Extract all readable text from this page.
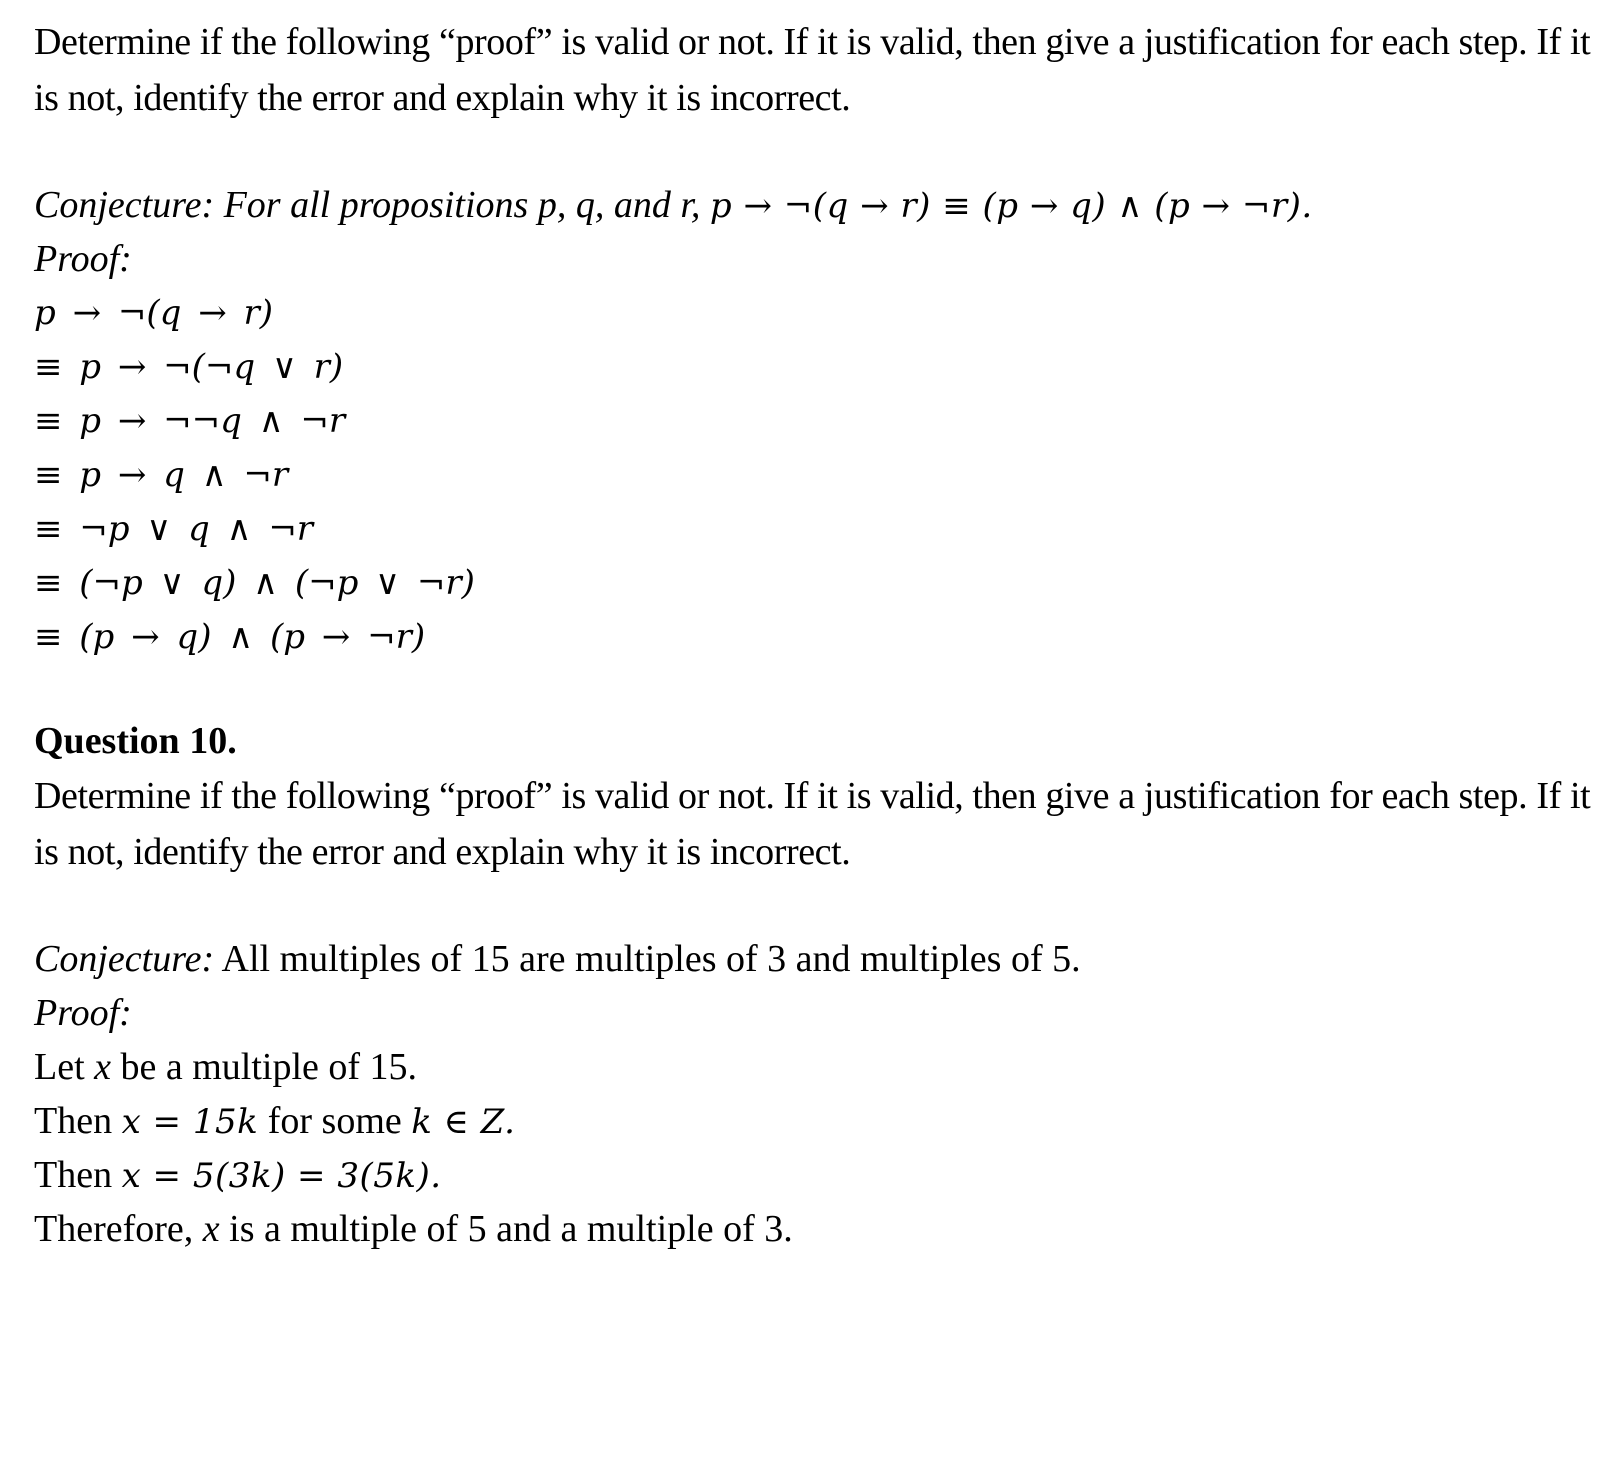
Determine if the following “proof” is valid or not. If it is valid, then give a justification for each step. If it is not, identify the error and explain why it is incorrect.

Conjecture: For all propositions p, q, and r, p → ¬(q → r) ≡ (p → q) ∧ (p → ¬r).

Proof:

p → ¬(q → r)
≡ p → ¬(¬q ∨ r)
≡ p → ¬¬q ∧ ¬r
≡ p → q ∧ ¬r
≡ ¬p ∨ q ∧ ¬r
≡ (¬p ∨ q) ∧ (¬p ∨ ¬r)
≡ (p → q) ∧ (p → ¬r)

Question 10.

Determine if the following “proof” is valid or not. If it is valid, then give a justification for each step. If it is not, identify the error and explain why it is incorrect.

Conjecture: All multiples of 15 are multiples of 3 and multiples of 5.

Proof:

Let x be a multiple of 15.

Then x = 15k for some k ∈ Z.

Then x = 5(3k) = 3(5k).

Therefore, x is a multiple of 5 and a multiple of 3.
